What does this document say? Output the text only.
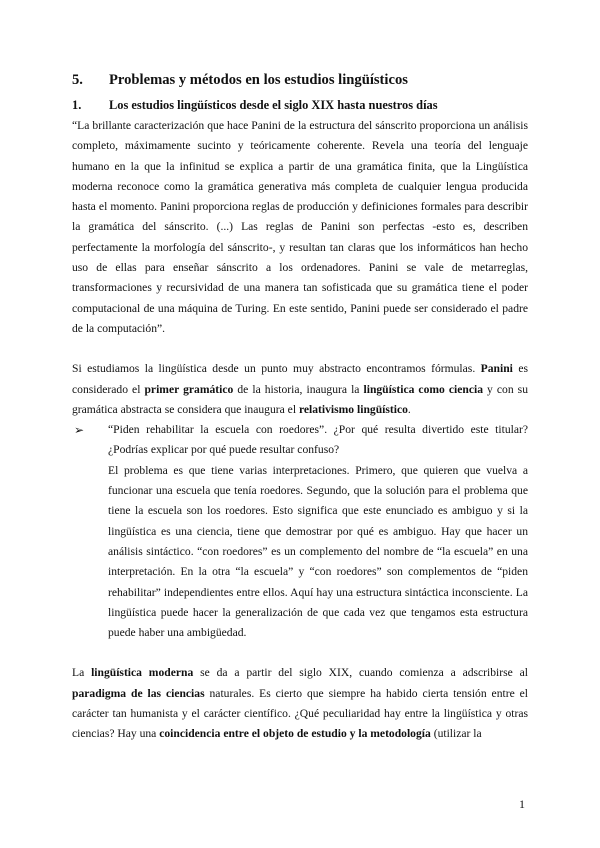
5. Problemas y métodos en los estudios lingüísticos
1. Los estudios lingüísticos desde el siglo XIX hasta nuestros días

“La brillante caracterización que hace Panini de la estructura del sánscrito proporciona un análisis completo, máximamente sucinto y teóricamente coherente. Revela una teoría del lenguaje humano en la que la infinitud se explica a partir de una gramática finita, que la Lingüística moderna reconoce como la gramática generativa más completa de cualquier lengua producida hasta el momento. Panini proporciona reglas de producción y definiciones formales para describir la gramática del sánscrito. (...) Las reglas de Panini son perfectas -esto es, describen perfectamente la morfología del sánscrito-, y resultan tan claras que los informáticos han hecho uso de ellas para enseñar sánscrito a los ordenadores. Panini se vale de metarreglas, transformaciones y recursividad de una manera tan sofisticada que su gramática tiene el poder computacional de una máquina de Turing. En este sentido, Panini puede ser considerado el padre de la computación”.

Si estudiamos la lingüística desde un punto muy abstracto encontramos fórmulas. Panini es considerado el primer gramático de la historia, inaugura la lingüística como ciencia y con su gramática abstracta se considera que inaugura el relativismo lingüístico.

➢ “Piden rehabilitar la escuela con roedores”. ¿Por qué resulta divertido este titular? ¿Podrías explicar por qué puede resultar confuso?

El problema es que tiene varias interpretaciones. Primero, que quieren que vuelva a funcionar una escuela que tenía roedores. Segundo, que la solución para el problema que tiene la escuela son los roedores. Esto significa que este enunciado es ambiguo y si la lingüística es una ciencia, tiene que demostrar por qué es ambiguo. Hay que hacer un análisis sintáctico. “con roedores” es un complemento del nombre de “la escuela” en una interpretación. En la otra “la escuela” y “con roedores” son complementos de “piden rehabilitar” independientes entre ellos. Aquí hay una estructura sintáctica inconsciente. La lingüística puede hacer la generalización de que cada vez que tengamos esta estructura puede haber una ambigüedad.

La lingüística moderna se da a partir del siglo XIX, cuando comienza a adscribirse al paradigma de las ciencias naturales. Es cierto que siempre ha habido cierta tensión entre el carácter tan humanista y el carácter científico. ¿Qué peculiaridad hay entre la lingüística y otras ciencias? Hay una coincidencia entre el objeto de estudio y la metodología (utilizar la

1
